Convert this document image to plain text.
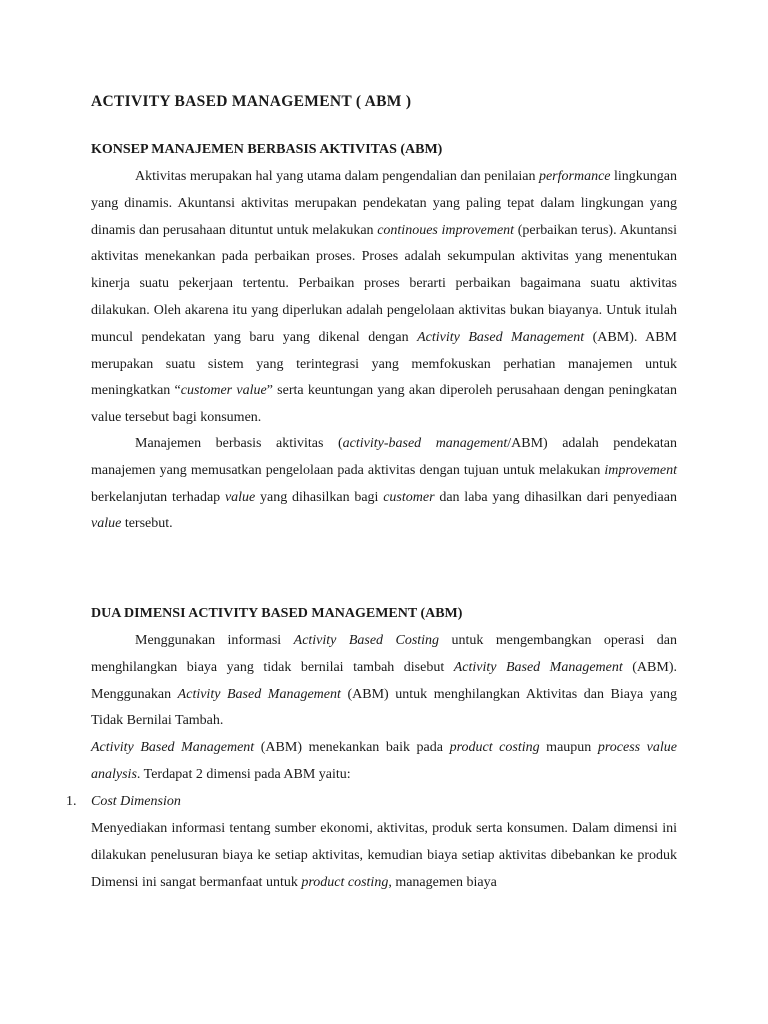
ACTIVITY BASED MANAGEMENT ( ABM )
KONSEP MANAJEMEN BERBASIS AKTIVITAS (ABM)

Aktivitas merupakan hal yang utama dalam pengendalian dan penilaian performance lingkungan yang dinamis. Akuntansi aktivitas merupakan pendekatan yang paling tepat dalam lingkungan yang dinamis dan perusahaan dituntut untuk melakukan continoues improvement (perbaikan terus). Akuntansi aktivitas menekankan pada perbaikan proses. Proses adalah sekumpulan aktivitas yang menentukan kinerja suatu pekerjaan tertentu. Perbaikan proses berarti perbaikan bagaimana suatu aktivitas dilakukan. Oleh akarena itu yang diperlukan adalah pengelolaan aktivitas bukan biayanya. Untuk itulah muncul pendekatan yang baru yang dikenal dengan Activity Based Management (ABM). ABM merupakan suatu sistem yang terintegrasi yang memfokuskan perhatian manajemen untuk meningkatkan “customer value” serta keuntungan yang akan diperoleh perusahaan dengan peningkatan value tersebut bagi konsumen.

Manajemen berbasis aktivitas (activity-based management/ABM) adalah pendekatan manajemen yang memusatkan pengelolaan pada aktivitas dengan tujuan untuk melakukan improvement berkelanjutan terhadap value yang dihasilkan bagi customer dan laba yang dihasilkan dari penyediaan value tersebut.

DUA DIMENSI ACTIVITY BASED MANAGEMENT (ABM)

Menggunakan informasi Activity Based Costing untuk mengembangkan operasi dan menghilangkan biaya yang tidak bernilai tambah disebut Activity Based Management (ABM). Menggunakan Activity Based Management (ABM) untuk menghilangkan Aktivitas dan Biaya yang Tidak Bernilai Tambah.

Activity Based Management (ABM) menekankan baik pada product costing maupun process value analysis. Terdapat 2 dimensi pada ABM yaitu:

1. Cost Dimension

Menyediakan informasi tentang sumber ekonomi, aktivitas, produk serta konsumen. Dalam dimensi ini dilakukan penelusuran biaya ke setiap aktivitas, kemudian biaya setiap aktivitas dibebankan ke produk Dimensi ini sangat bermanfaat untuk product costing, managemen biaya
